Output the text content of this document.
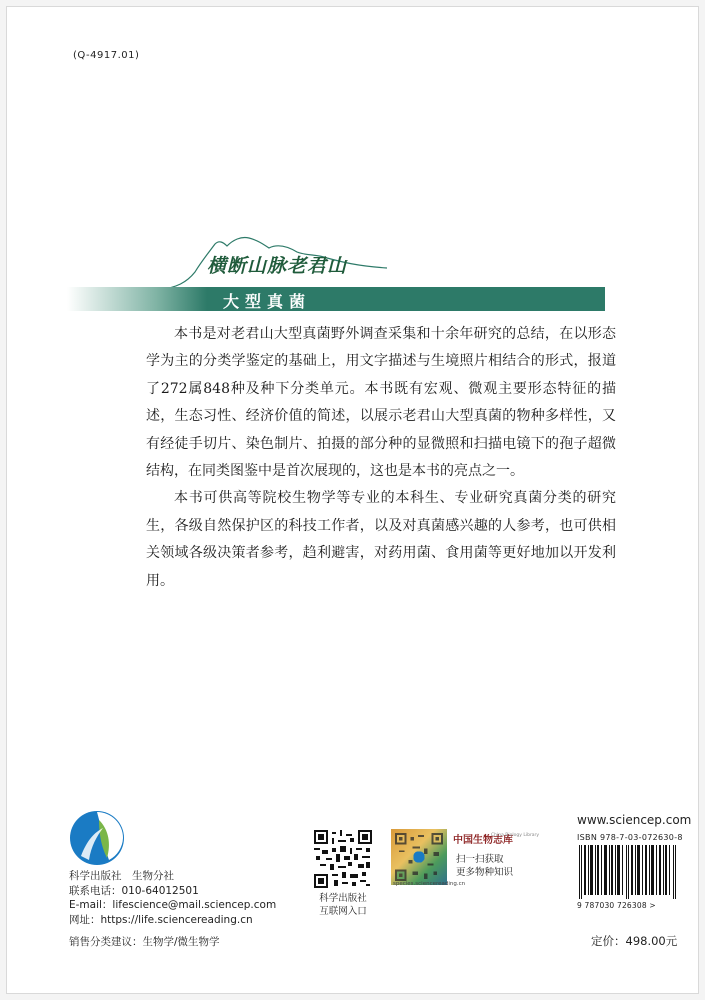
(Q-4917.01)
横断山脉老君山
大型真菌

本书是对老君山大型真菌野外调查采集和十余年研究的总结，在以形态学为主的分类学鉴定的基础上，用文字描述与生境照片相结合的形式，报道了272属848种及种下分类单元。本书既有宏观、微观主要形态特征的描述，生态习性、经济价值的简述，以展示老君山大型真菌的物种多样性，又有经徒手切片、染色制片、拍摄的部分种的显微照和扫描电镜下的孢子超微结构，在同类图鉴中是首次展现的，这也是本书的亮点之一。

本书可供高等院校生物学等专业的本科生、专业研究真菌分类的研究生，各级自然保护区的科技工作者，以及对真菌感兴趣的人参考，也可供相关领域各级决策者参考，趋利避害，对药用菌、食用菌等更好地加以开发利用。

科学出版社　生物分社
联系电话：010-64012501
E-mail：lifescience@mail.sciencep.com
网址：https://life.sciencereading.cn
销售分类建议：生物学/微生物学
科学出版社
互联网入口
中国生物志库
China Biology Library
扫一扫获取
更多物种知识
species.sciencereading.cn
www.sciencep.com
ISBN 978-7-03-072630-8
9 787030 726308 >
定价：498.00元
